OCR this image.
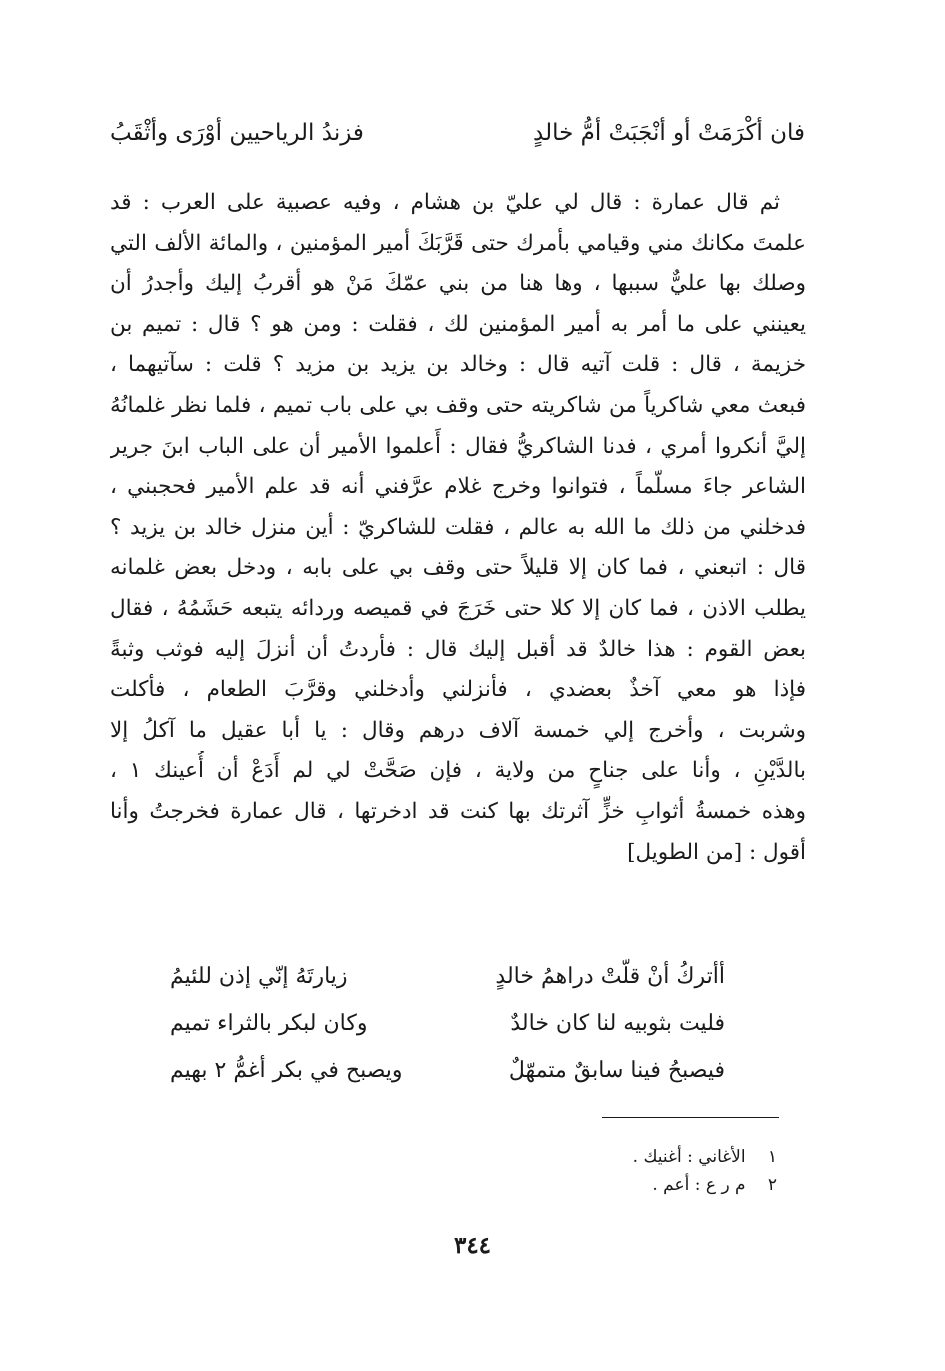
فان أكْرَمَتْ أو أنْجَبَتْ أمُّ خالدٍ
فزندُ الرياحيين أوْرَى وأثْقَبُ
ثم قال عمارة : قال لي عليّ بن هشام ، وفيه عصبية على العرب : قد
علمتَ مكانك مني وقيامي بأمرك حتى قَرَّبَكَ أمير المؤمنين ، والمائة الألف التي
وصلك بها عليٌّ سببها ، وها هنا من بني عمّكَ مَنْ هو أقربُ إليك وأجدرُ أن
يعينني على ما أمر به أمير المؤمنين لك ، فقلت : ومن هو ؟ قال : تميم بن
خزيمة ، قال : قلت آتيه قال : وخالد بن يزيد بن مزيد ؟ قلت : سآتيهما ،
فبعث معي شاكرياً من شاكريته حتى وقف بي على باب تميم ، فلما نظر غلمانُهُ
إليَّ أنكروا أمري ، فدنا الشاكريُّ فقال : أَعلموا الأمير أن على الباب ابنَ جرير
الشاعر جاءَ مسلّماً ، فتوانوا وخرج غلام عرَّفني أنه قد علم الأمير فحجبني ،
فدخلني من ذلك ما الله به عالم ، فقلت للشاكريّ : أين منزل خالد بن يزيد ؟
قال : اتبعني ، فما كان إلا قليلاً حتى وقف بي على بابه ، ودخل بعض غلمانه
يطلب الاذن ، فما كان إلا كلا حتى خَرَجَ في قميصه وردائه يتبعه حَشَمُهُ ، فقال
بعض القوم : هذا خالدٌ قد أقبل إليك قال : فأردتُ أن أنزلَ إليه فوثب وثبةً
فإذا هو معي آخذٌ بعضدي ، فأنزلني وأدخلني وقرَّبَ الطعام ، فأكلت
وشربت ، وأخرج إلي خمسة آلاف درهم وقال : يا أبا عقيل ما آكلُ إلا
بالدَّيْنِ ، وأنا على جناحٍ من ولاية ، فإن صَحَّتْ لي لم أَدَعْ أن أُعينك ١ ،
وهذه خمسةُ أثوابِ خزٍّ آثرتك بها كنت قد ادخرتها ، قال عمارة فخرجتُ وأنا
أقول : [من الطويل]
أأتركُ أنْ قلّتْ دراهمُ خالدٍ
زيارتَهُ إنّي إذن للئيمُ
فليت بثوبيه لنا كان خالدٌ
وكان لبكر بالثراء تميم
فيصبحُ فينا سابقٌ متمهّلٌ
ويصبح في بكر أغمُّ ٢ بهيم
١ الأغاني : أغنيك .
٢ م ر ع : أعم .
٣٤٤
